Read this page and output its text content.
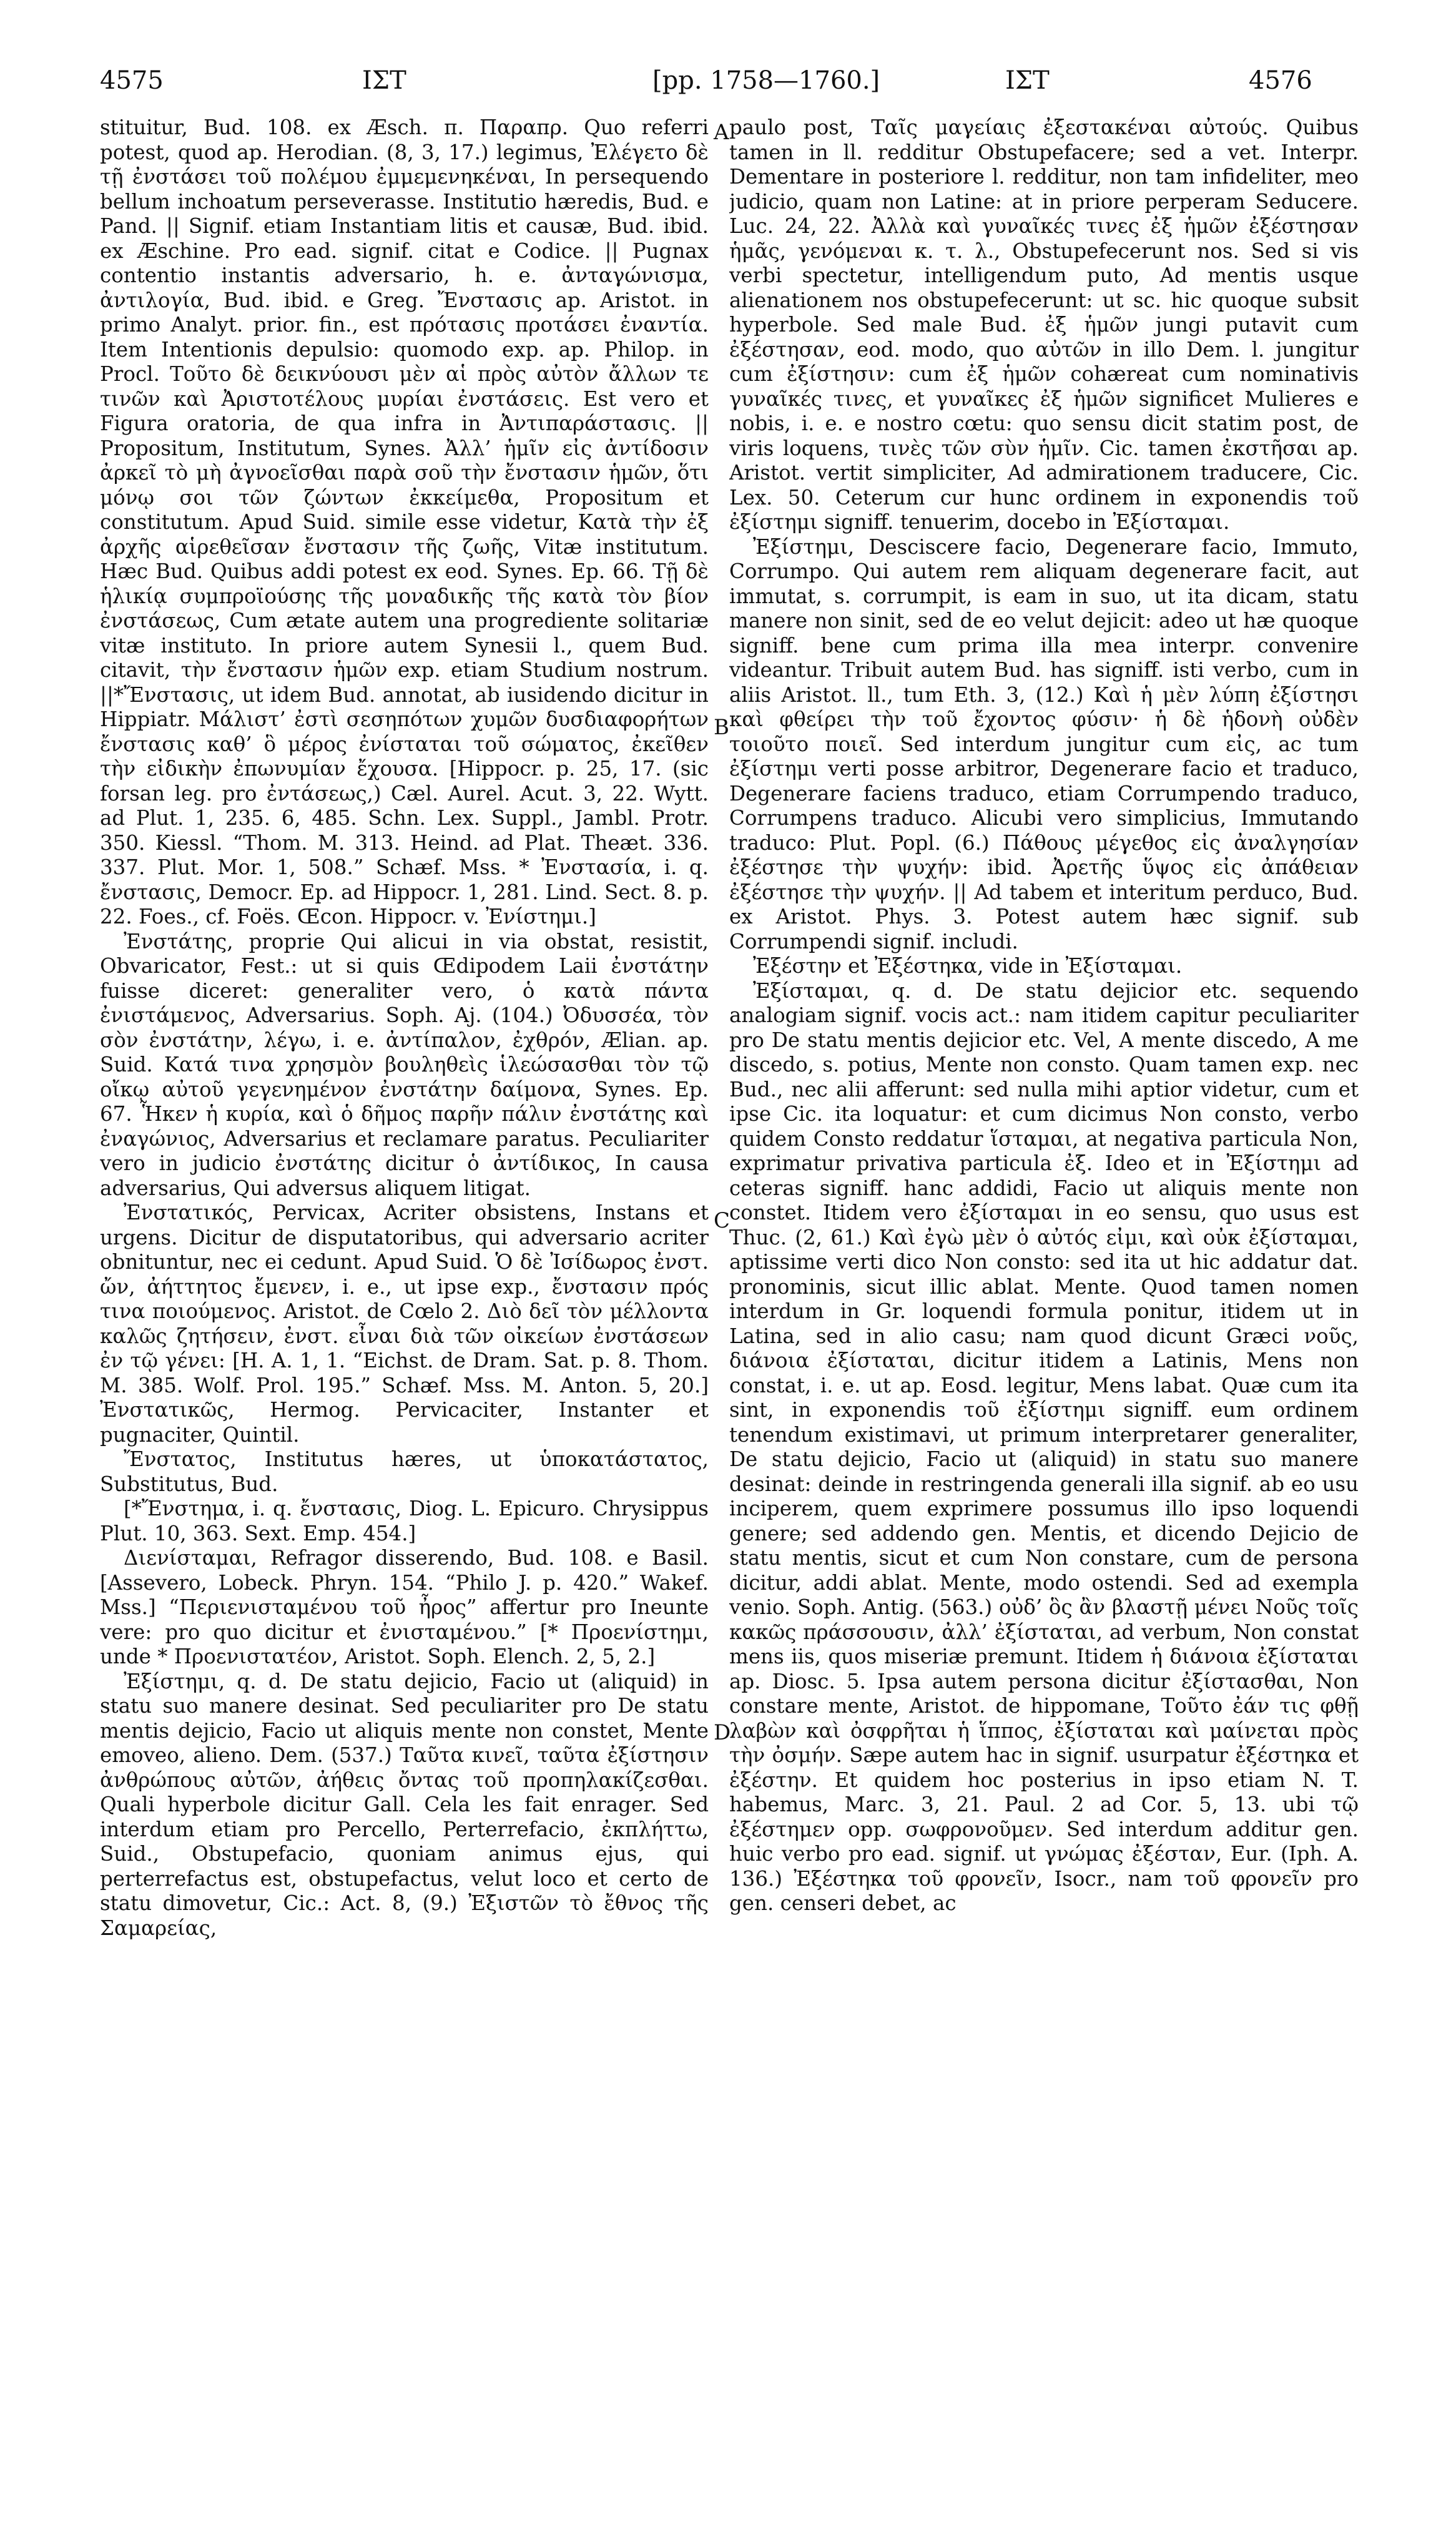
4575	ΙΣΤ	[pp. 1758—1760.]	ΙΣΤ	4576
A
B
C
D

stituitur, Bud. 108. ex Æsch. π. Παραπρ. Quo referri potest, quod ap. Herodian. (8, 3, 17.) legimus, Ἐλέγετο δὲ τῇ ἐνστάσει τοῦ πολέμου ἐμμεμενηκέναι, In persequendo bellum inchoatum perseverasse. Institutio hæredis, Bud. e Pand. || Signif. etiam Instantiam litis et causæ, Bud. ibid. ex Æschine. Pro ead. signif. citat e Codice. || Pugnax contentio instantis adversario, h. e. ἀνταγώνισμα, ἀντιλογία, Bud. ibid. e Greg. Ἔνστασις ap. Aristot. in primo Analyt. prior. fin., est πρότασις προτάσει ἐναντία. Item Intentionis depulsio: quomodo exp. ap. Philop. in Procl. Τοῦτο δὲ δεικνύουσι μὲν αἱ πρὸς αὐτὸν ἄλλων τε τινῶν καὶ Ἀριστοτέλους μυρίαι ἐνστάσεις. Est vero et Figura oratoria, de qua infra in Ἀντιπαράστασις. || Propositum, Institutum, Synes. Ἀλλ’ ἡμῖν εἰς ἀντίδοσιν ἀρκεῖ τὸ μὴ ἀγνοεῖσθαι παρὰ σοῦ τὴν ἔνστασιν ἡμῶν, ὅτι μόνῳ σοι τῶν ζώντων ἐκκείμεθα, Propositum et constitutum. Apud Suid. simile esse videtur, Κατὰ τὴν ἐξ ἀρχῆς αἱρεθεῖσαν ἔνστασιν τῆς ζωῆς, Vitæ institutum. Hæc Bud. Quibus addi potest ex eod. Synes. Ep. 66. Τῇ δὲ ἡλικίᾳ συμπροϊούσης τῆς μοναδικῆς τῆς κατὰ τὸν βίον ἐνστάσεως, Cum ætate autem una progrediente solitariæ vitæ instituto. In priore autem Synesii l., quem Bud. citavit, τὴν ἔνστασιν ἡμῶν exp. etiam Studium nostrum. ||*Ἔνστασις, ut idem Bud. annotat, ab iusidendo dicitur in Hippiatr. Μάλιστ’ ἐστὶ σεσηπότων χυμῶν δυσδιαφορήτων ἔνστασις καθ’ ὃ μέρος ἐνίσταται τοῦ σώματος, ἐκεῖθεν τὴν εἰδικὴν ἐπωνυμίαν ἔχουσα. [Hippocr. p. 25, 17. (sic forsan leg. pro ἐντάσεως,) Cæl. Aurel. Acut. 3, 22. Wytt. ad Plut. 1, 235. 6, 485. Schn. Lex. Suppl., Jambl. Protr. 350. Kiessl. “Thom. M. 313. Heind. ad Plat. Theæt. 336. 337. Plut. Mor. 1, 508.” Schæf. Mss. * Ἐνστασία, i. q. ἔνστασις, Democr. Ep. ad Hippocr. 1, 281. Lind. Sect. 8. p. 22. Foes., cf. Foës. Œcon. Hippocr. v. Ἐνίστημι.]

Ἐνστάτης, proprie Qui alicui in via obstat, resistit, Obvaricator, Fest.: ut si quis Œdipodem Laii ἐνστάτην fuisse diceret: generaliter vero, ὁ κατὰ πάντα ἐνιστάμενος, Adversarius. Soph. Aj. (104.) Ὀδυσσέα, τὸν σὸν ἐνστάτην, λέγω, i. e. ἀντίπαλον, ἐχθρόν, Ælian. ap. Suid. Κατά τινα χρησμὸν βουληθεὶς ἱλεώσασθαι τὸν τῷ οἴκῳ αὐτοῦ γεγενημένον ἐνστάτην δαίμονα, Synes. Ep. 67. Ἧκεν ἡ κυρία, καὶ ὁ δῆμος παρῆν πάλιν ἐνστάτης καὶ ἐναγώνιος, Adversarius et reclamare paratus. Peculiariter vero in judicio ἐνστάτης dicitur ὁ ἀντίδικος, In causa adversarius, Qui adversus aliquem litigat.

Ἐνστατικός, Pervicax, Acriter obsistens, Instans et urgens. Dicitur de disputatoribus, qui adversario acriter obnituntur, nec ei cedunt. Apud Suid. Ὁ δὲ Ἰσίδωρος ἐνστ. ὤν, ἀήττητος ἔμενεν, i. e., ut ipse exp., ἔνστασιν πρός τινα ποιούμενος. Aristot. de Cœlo 2. Διὸ δεῖ τὸν μέλλοντα καλῶς ζητήσειν, ἐνστ. εἶναι διὰ τῶν οἰκείων ἐνστάσεων ἐν τῷ γένει: [H. A. 1, 1. “Eichst. de Dram. Sat. p. 8. Thom. M. 385. Wolf. Prol. 195.” Schæf. Mss. M. Anton. 5, 20.] Ἐνστατικῶς, Hermog. Pervicaciter, Instanter et pugnaciter, Quintil.

Ἔνστατος, Institutus hæres, ut ὑποκατάστατος, Substitutus, Bud.

[*Ἔνστημα, i. q. ἔνστασις, Diog. L. Epicuro. Chrysippus Plut. 10, 363. Sext. Emp. 454.]

Διενίσταμαι, Refragor disserendo, Bud. 108. e Basil. [Assevero, Lobeck. Phryn. 154. “Philo J. p. 420.” Wakef. Mss.] “Περιενισταμένου τοῦ ἦρος” affertur pro Ineunte vere: pro quo dicitur et ἐνισταμένου.” [* Προενίστημι, unde * Προενιστατέον, Aristot. Soph. Elench. 2, 5, 2.]

Ἐξίστημι, q. d. De statu dejicio, Facio ut (aliquid) in statu suo manere desinat. Sed peculiariter pro De statu mentis dejicio, Facio ut aliquis mente non constet, Mente emoveo, alieno. Dem. (537.) Ταῦτα κινεῖ, ταῦτα ἐξίστησιν ἀνθρώπους αὐτῶν, ἀήθεις ὄντας τοῦ προπηλακίζεσθαι. Quali hyperbole dicitur Gall. Cela les fait enrager. Sed interdum etiam pro Percello, Perterrefacio, ἐκπλήττω, Suid., Obstupefacio, quoniam animus ejus, qui perterrefactus est, obstupefactus, velut loco et certo de statu dimovetur, Cic.: Act. 8, (9.) Ἐξιστῶν τὸ ἔθνος τῆς Σαμαρείας,

paulo post, Ταῖς μαγείαις ἐξεστακέναι αὐτούς. Quibus tamen in ll. redditur Obstupefacere; sed a vet. Interpr. Dementare in posteriore l. redditur, non tam infideliter, meo judicio, quam non Latine: at in priore perperam Seducere. Luc. 24, 22. Ἀλλὰ καὶ γυναῖκές τινες ἐξ ἡμῶν ἐξέστησαν ἡμᾶς, γενόμεναι κ. τ. λ., Obstupefecerunt nos. Sed si vis verbi spectetur, intelligendum puto, Ad mentis usque alienationem nos obstupefecerunt: ut sc. hic quoque subsit hyperbole. Sed male Bud. ἐξ ἡμῶν jungi putavit cum ἐξέστησαν, eod. modo, quo αὐτῶν in illo Dem. l. jungitur cum ἐξίστησιν: cum ἐξ ἡμῶν cohæreat cum nominativis γυναῖκές τινες, et γυναῖκες ἐξ ἡμῶν significet Mulieres e nobis, i. e. e nostro cœtu: quo sensu dicit statim post, de viris loquens, τινὲς τῶν σὺν ἡμῖν. Cic. tamen ἐκστῆσαι ap. Aristot. vertit simpliciter, Ad admirationem traducere, Cic. Lex. 50. Ceterum cur hunc ordinem in exponendis τοῦ ἐξίστημι signiff. tenuerim, docebo in Ἐξίσταμαι.

Ἐξίστημι, Desciscere facio, Degenerare facio, Immuto, Corrumpo. Qui autem rem aliquam degenerare facit, aut immutat, s. corrumpit, is eam in suo, ut ita dicam, statu manere non sinit, sed de eo velut dejicit: adeo ut hæ quoque signiff. bene cum prima illa mea interpr. convenire videantur. Tribuit autem Bud. has signiff. isti verbo, cum in aliis Aristot. ll., tum Eth. 3, (12.) Καὶ ἡ μὲν λύπη ἐξίστησι καὶ φθείρει τὴν τοῦ ἔχοντος φύσιν· ἡ δὲ ἡδονὴ οὐδὲν τοιοῦτο ποιεῖ. Sed interdum jungitur cum εἰς, ac tum ἐξίστημι verti posse arbitror, Degenerare facio et traduco, Degenerare faciens traduco, etiam Corrumpendo traduco, Corrumpens traduco. Alicubi vero simplicius, Immutando traduco: Plut. Popl. (6.) Πάθους μέγεθος εἰς ἀναλγησίαν ἐξέστησε τὴν ψυχήν: ibid. Ἀρετῆς ὕψος εἰς ἀπάθειαν ἐξέστησε τὴν ψυχήν. || Ad tabem et interitum perduco, Bud. ex Aristot. Phys. 3. Potest autem hæc signif. sub Corrumpendi signif. includi.

Ἐξέστην et Ἐξέστηκα, vide in Ἐξίσταμαι.

Ἐξίσταμαι, q. d. De statu dejicior etc. sequendo analogiam signif. vocis act.: nam itidem capitur peculiariter pro De statu mentis dejicior etc. Vel, A mente discedo, A me discedo, s. potius, Mente non consto. Quam tamen exp. nec Bud., nec alii afferunt: sed nulla mihi aptior videtur, cum et ipse Cic. ita loquatur: et cum dicimus Non consto, verbo quidem Consto reddatur ἵσταμαι, at negativa particula Non, exprimatur privativa particula ἐξ. Ideo et in Ἐξίστημι ad ceteras signiff. hanc addidi, Facio ut aliquis mente non constet. Itidem vero ἐξίσταμαι in eo sensu, quo usus est Thuc. (2, 61.) Καὶ ἐγὼ μὲν ὁ αὐτός εἰμι, καὶ οὐκ ἐξίσταμαι, aptissime verti dico Non consto: sed ita ut hic addatur dat. pronominis, sicut illic ablat. Mente. Quod tamen nomen interdum in Gr. loquendi formula ponitur, itidem ut in Latina, sed in alio casu; nam quod dicunt Græci νοῦς, διάνοια ἐξίσταται, dicitur itidem a Latinis, Mens non constat, i. e. ut ap. Eosd. legitur, Mens labat. Quæ cum ita sint, in exponendis τοῦ ἐξίστημι signiff. eum ordinem tenendum existimavi, ut primum interpretarer generaliter, De statu dejicio, Facio ut (aliquid) in statu suo manere desinat: deinde in restringenda generali illa signif. ab eo usu inciperem, quem exprimere possumus illo ipso loquendi genere; sed addendo gen. Mentis, et dicendo Dejicio de statu mentis, sicut et cum Non constare, cum de persona dicitur, addi ablat. Mente, modo ostendi. Sed ad exempla venio. Soph. Antig. (563.) οὐδ’ ὃς ἂν βλαστῇ μένει Νοῦς τοῖς κακῶς πράσσουσιν, ἀλλ’ ἐξίσταται, ad verbum, Non constat mens iis, quos miseriæ premunt. Itidem ἡ διάνοια ἐξίσταται ap. Diosc. 5. Ipsa autem persona dicitur ἐξίστασθαι, Non constare mente, Aristot. de hippomane, Τοῦτο ἐάν τις φθῇ λαβὼν καὶ ὀσφρῆται ἡ ἵππος, ἐξίσταται καὶ μαίνεται πρὸς τὴν ὀσμήν. Sæpe autem hac in signif. usurpatur ἐξέστηκα et ἐξέστην. Et quidem hoc posterius in ipso etiam N. T. habemus, Marc. 3, 21. Paul. 2 ad Cor. 5, 13. ubi τῷ ἐξέστημεν opp. σωφρονοῦμεν. Sed interdum additur gen. huic verbo pro ead. signif. ut γνώμας ἐξέσταν, Eur. (Iph. A. 136.) Ἐξέστηκα τοῦ φρονεῖν, Isocr., nam τοῦ φρονεῖν pro gen. censeri debet, ac
